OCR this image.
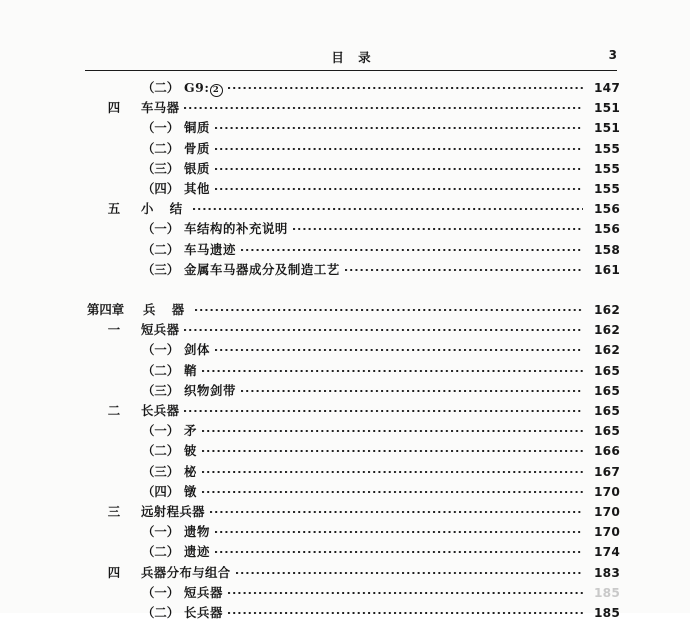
目 录	3
（二） G9: 2	147
四	车马器	151
（一） 铜质	151
（二） 骨质	155
（三） 银质	155
（四） 其他	155
五	小 结	156
（一） 车结构的补充说明	156
（二） 车马遗迹	158
（三） 金属车马器成分及制造工艺	161
第四章	兵 器	162
一	短兵器	162
（一） 剑体	162
（二） 鞘	165
（三） 织物剑带	165
二	长兵器	165
（一） 矛	165
（二） 铍	166
（三） 柲	167
（四） 镦	170
三	远射程兵器	170
（一） 遗物	170
（二） 遗迹	174
四	兵器分布与组合	183
（一） 短兵器	185
（二） 长兵器	185
